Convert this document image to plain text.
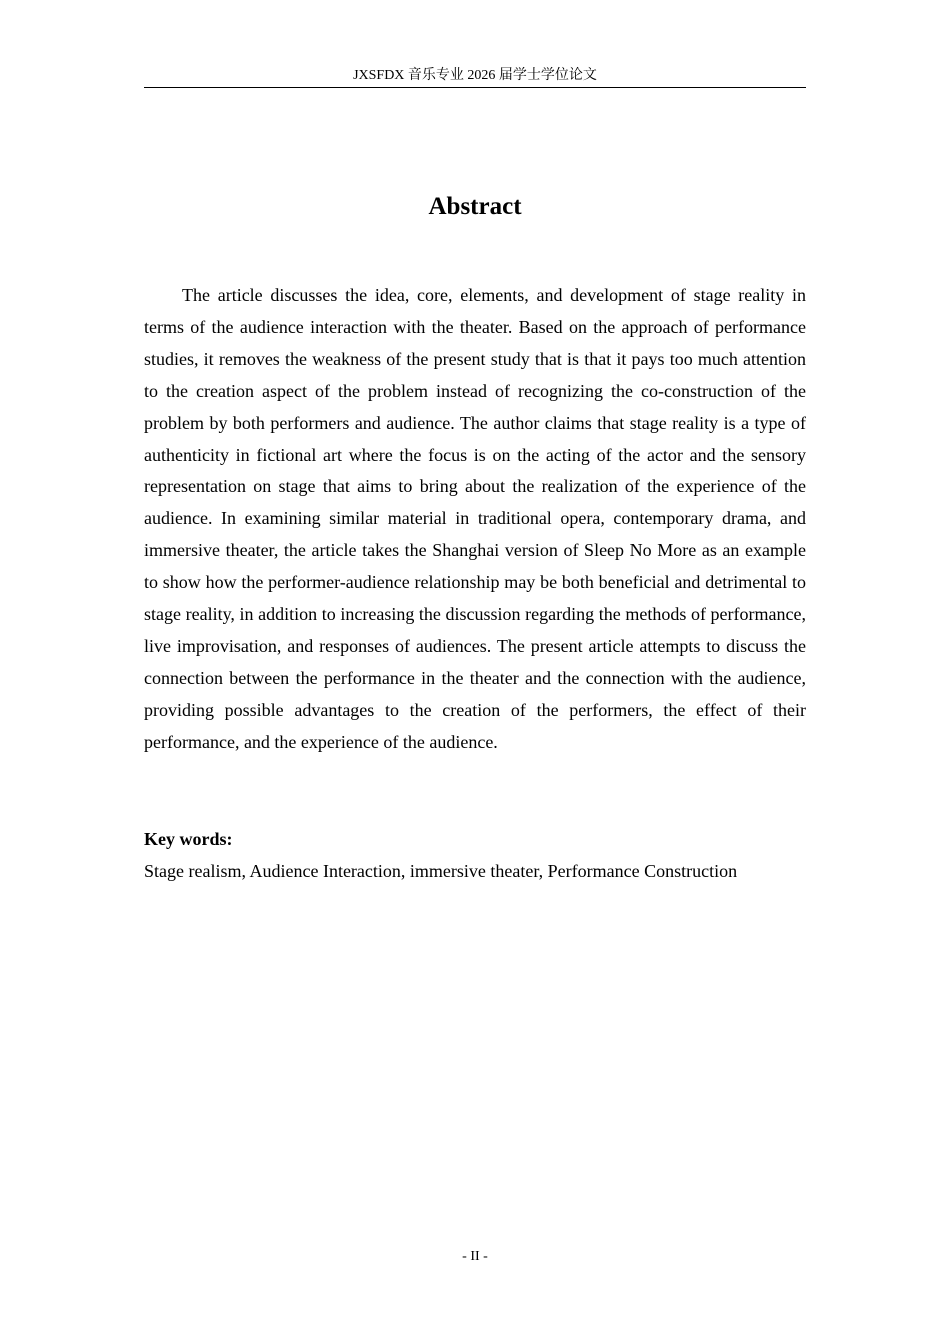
JXSFDX 音乐专业 2026 届学士学位论文
Abstract

The article discusses the idea, core, elements, and development of stage reality in terms of the audience interaction with the theater. Based on the approach of performance studies, it removes the weakness of the present study that is that it pays too much attention to the creation aspect of the problem instead of recognizing the co-construction of the problem by both performers and audience. The author claims that stage reality is a type of authenticity in fictional art where the focus is on the acting of the actor and the sensory representation on stage that aims to bring about the realization of the experience of the audience. In examining similar material in traditional opera, contemporary drama, and immersive theater, the article takes the Shanghai version of Sleep No More as an example to show how the performer-audience relationship may be both beneficial and detrimental to stage reality, in addition to increasing the discussion regarding the methods of performance, live improvisation, and responses of audiences. The present article attempts to discuss the connection between the performance in the theater and the connection with the audience, providing possible advantages to the creation of the performers, the effect of their performance, and the experience of the audience.

Key words:
Stage realism, Audience Interaction, immersive theater, Performance Construction
- II -
